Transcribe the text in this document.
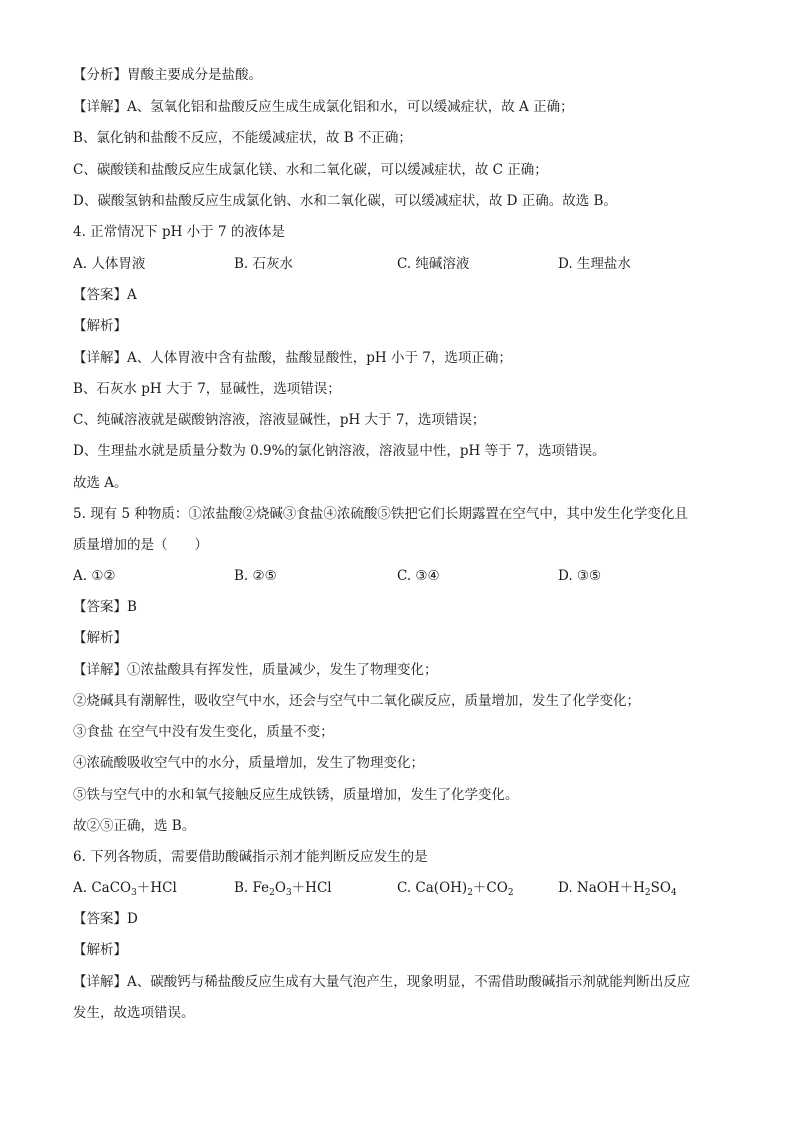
【分析】胃酸主要成分是盐酸。
【详解】A、氢氧化铝和盐酸反应生成生成氯化铝和水，可以缓减症状，故 A 正确；
B、氯化钠和盐酸不反应，不能缓减症状，故 B 不正确；
C、碳酸镁和盐酸反应生成氯化镁、水和二氧化碳，可以缓减症状，故 C 正确；
D、碳酸氢钠和盐酸反应生成氯化钠、水和二氧化碳，可以缓减症状，故 D 正确。故选 B。
4. 正常情况下 pH 小于 7 的液体是
A. 人体胃液	B. 石灰水	C. 纯碱溶液	D. 生理盐水
【答案】A
【解析】
【详解】A、人体胃液中含有盐酸，盐酸显酸性，pH 小于 7，选项正确；
B、石灰水 pH 大于 7，显碱性，选项错误；
C、纯碱溶液就是碳酸钠溶液，溶液显碱性，pH 大于 7，选项错误；
D、生理盐水就是质量分数为 0.9%的氯化钠溶液，溶液显中性，pH 等于 7，选项错误。
故选 A。
5. 现有 5 种物质：①浓盐酸②烧碱③食盐④浓硫酸⑤铁把它们长期露置在空气中，其中发生化学变化且
质量增加的是（　　）
A. ①②	B. ②⑤	C. ③④	D. ③⑤
【答案】B
【解析】
【详解】①浓盐酸具有挥发性，质量减少，发生了物理变化；
②烧碱具有潮解性，吸收空气中水，还会与空气中二氧化碳反应，质量增加，发生了化学变化；
③食盐 在空气中没有发生变化，质量不变；
④浓硫酸吸收空气中的水分，质量增加，发生了物理变化；
⑤铁与空气中的水和氧气接触反应生成铁锈，质量增加，发生了化学变化。
故②⑤正确，选 B。
6. 下列各物质，需要借助酸碱指示剂才能判断反应发生的是
A. CaCO$_3$＋HCl	B. $Fe_2O_3+HCl$	C. $Ca(OH)_2+CO_2$	D. $NaOH+H_2SO_4$
【答案】D
【解析】
【详解】A、碳酸钙与稀盐酸反应生成有大量气泡产生，现象明显，不需借助酸碱指示剂就能判断出反应
发生，故选项错误。
